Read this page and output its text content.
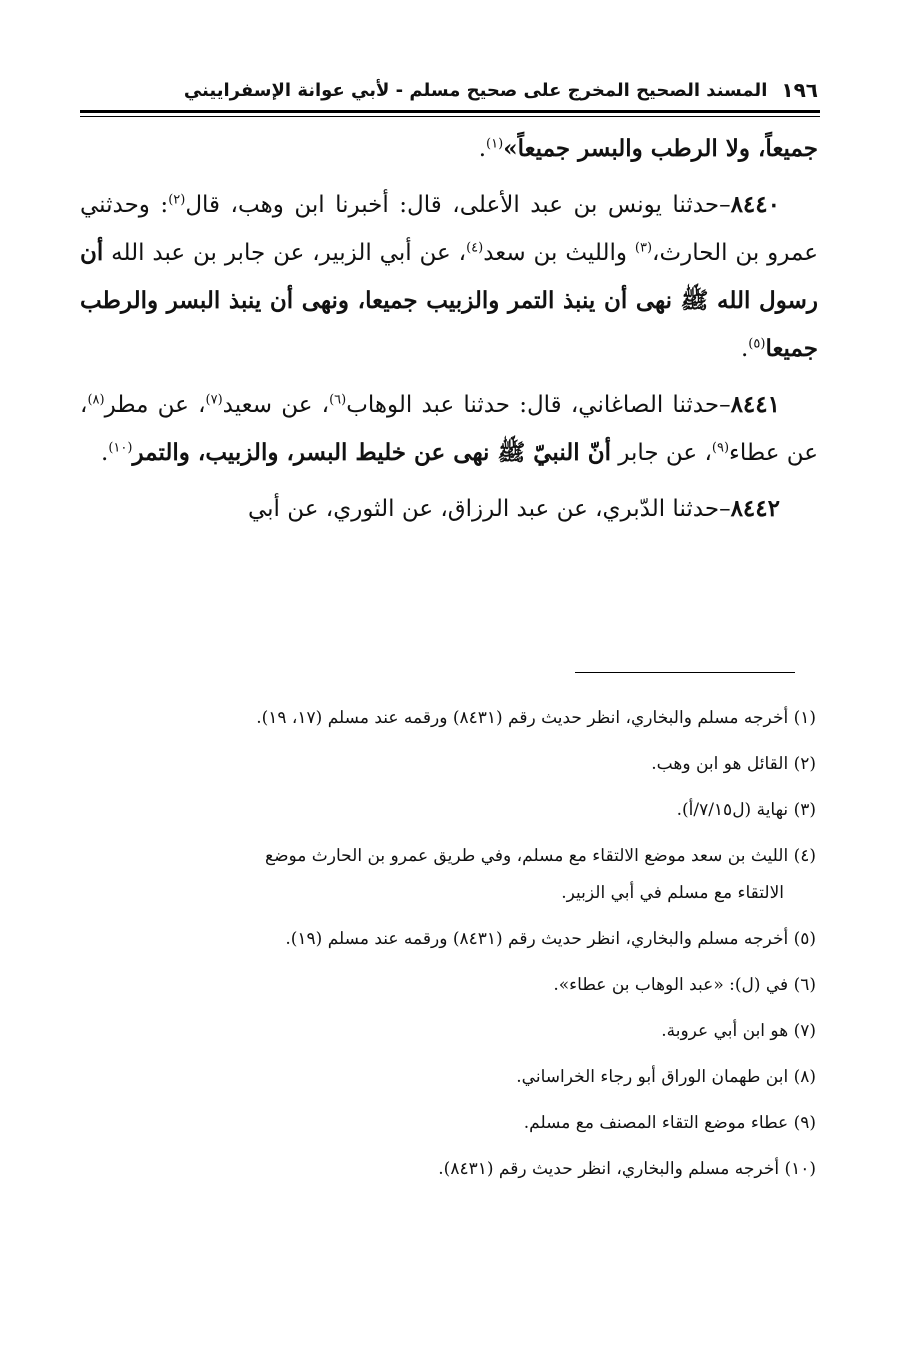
١٩٦
المسند الصحيح المخرج على صحيح مسلم - لأبي عوانة الإسفراييني

جميعاً، ولا الرطب والبسر جميعاً»$^{(١)}$.

٨٤٤٠–حدثنا يونس بن عبد الأعلى، قال: أخبرنا ابن وهب، قال$^{(٢)}$: وحدثني عمرو بن الحارث،$^{(٣)}$ والليث بن سعد$^{(٤)}$، عن أبي الزبير، عن جابر بن عبد الله أن رسول الله ﷺ نهى أن ينبذ التمر والزبيب جميعا، ونهى أن ينبذ البسر والرطب جميعا$^{(٥)}$.

٨٤٤١–حدثنا الصاغاني، قال: حدثنا عبد الوهاب$^{(٦)}$، عن سعيد$^{(٧)}$، عن مطر$^{(٨)}$، عن عطاء$^{(٩)}$، عن جابر أنّ النبيّ ﷺ نهى عن خليط البسر، والزبيب، والتمر$^{(١٠)}$.

٨٤٤٢–حدثنا الدّبري، عن عبد الرزاق، عن الثوري، عن أبي

(١) أخرجه مسلم والبخاري، انظر حديث رقم (٨٤٣١) ورقمه عند مسلم (١٧، ١٩).

(٢) القائل هو ابن وهب.

(٣) نهاية (ل٧/١٥/أ).

(٤) الليث بن سعد موضع الالتقاء مع مسلم، وفي طريق عمرو بن الحارث موضع

الالتقاء مع مسلم في أبي الزبير.

(٥) أخرجه مسلم والبخاري، انظر حديث رقم (٨٤٣١) ورقمه عند مسلم (١٩).

(٦) في (ل): «عبد الوهاب بن عطاء».

(٧) هو ابن أبي عروبة.

(٨) ابن طهمان الوراق أبو رجاء الخراساني.

(٩) عطاء موضع التقاء المصنف مع مسلم.

(١٠) أخرجه مسلم والبخاري، انظر حديث رقم (٨٤٣١).
